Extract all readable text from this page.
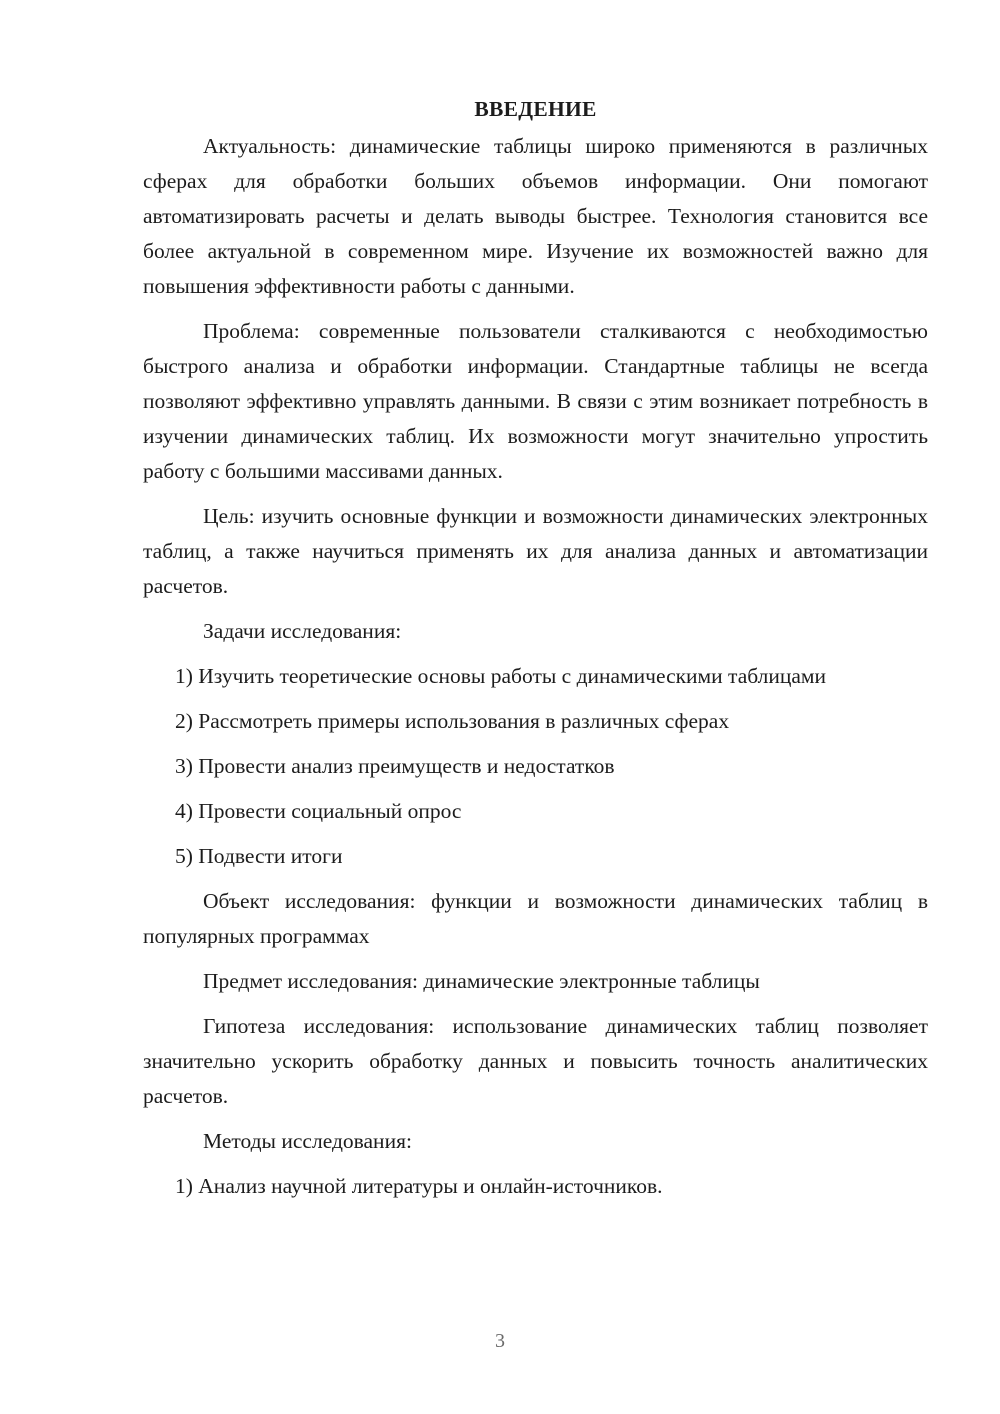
ВВЕДЕНИЕ

Актуальность: динамические таблицы широко применяются в различных сферах для обработки больших объемов информации. Они помогают автоматизировать расчеты и делать выводы быстрее. Технология становится все более актуальной в современном мире. Изучение их возможностей важно для повышения эффективности работы с данными.

Проблема: современные пользователи сталкиваются с необходимостью быстрого анализа и обработки информации. Стандартные таблицы не всегда позволяют эффективно управлять данными. В связи с этим возникает потребность в изучении динамических таблиц. Их возможности могут значительно упростить работу с большими массивами данных.

Цель: изучить основные функции и возможности динамических электронных таблиц, а также научиться применять их для анализа данных и автоматизации расчетов.

Задачи исследования:

1) Изучить теоретические основы работы с динамическими таблицами

2) Рассмотреть примеры использования в различных сферах

3) Провести анализ преимуществ и недостатков

4) Провести социальный опрос

5) Подвести итоги

Объект исследования: функции и возможности динамических таблиц в популярных программах

Предмет исследования: динамические электронные таблицы

Гипотеза исследования: использование динамических таблиц позволяет значительно ускорить обработку данных и повысить точность аналитических расчетов.

Методы исследования:

1) Анализ научной литературы и онлайн-источников.

3
